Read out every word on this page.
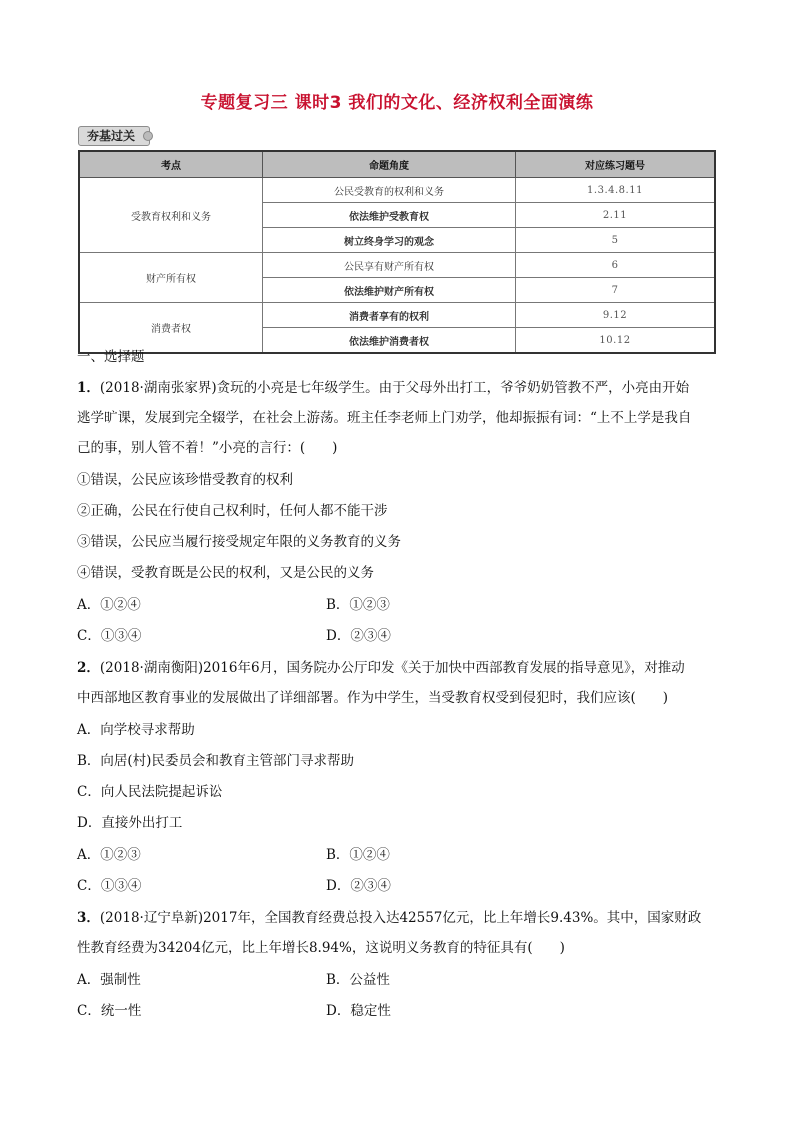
专题复习三 课时3 我们的文化、经济权利全面演练
夯基过关
考点	命题角度	对应练习题号
受教育权利和义务	公民受教育的权利和义务	1.3.4.8.11
	依法维护受教育权	2.11
	树立终身学习的观念	5
财产所有权	公民享有财产所有权	6
	依法维护财产所有权	7
消费者权	消费者享有的权利	9.12
	依法维护消费者权	10.12
一、选择题
1．(2018·湖南张家界)贪玩的小亮是七年级学生。由于父母外出打工，爷爷奶奶管教不严，小亮由开始
逃学旷课，发展到完全辍学，在社会上游荡。班主任李老师上门劝学，他却振振有词：“上不上学是我自
己的事，别人管不着！”小亮的言行：(　　)
①错误，公民应该珍惜受教育的权利
②正确，公民在行使自己权利时，任何人都不能干涉
③错误，公民应当履行接受规定年限的义务教育的义务
④错误，受教育既是公民的权利，又是公民的义务
A．①②④	B．①②③
C．①③④	D．②③④
2．(2018·湖南衡阳)2016年6月，国务院办公厅印发《关于加快中西部教育发展的指导意见》，对推动
中西部地区教育事业的发展做出了详细部署。作为中学生，当受教育权受到侵犯时，我们应该(　　)
A．向学校寻求帮助
B．向居(村)民委员会和教育主管部门寻求帮助
C．向人民法院提起诉讼
D．直接外出打工
A．①②③	B．①②④
C．①③④	D．②③④
3．(2018·辽宁阜新)2017年，全国教育经费总投入达42557亿元，比上年增长9.43%。其中，国家财政
性教育经费为34204亿元，比上年增长8.94%，这说明义务教育的特征具有(　　)
A．强制性	B．公益性
C．统一性	D．稳定性
